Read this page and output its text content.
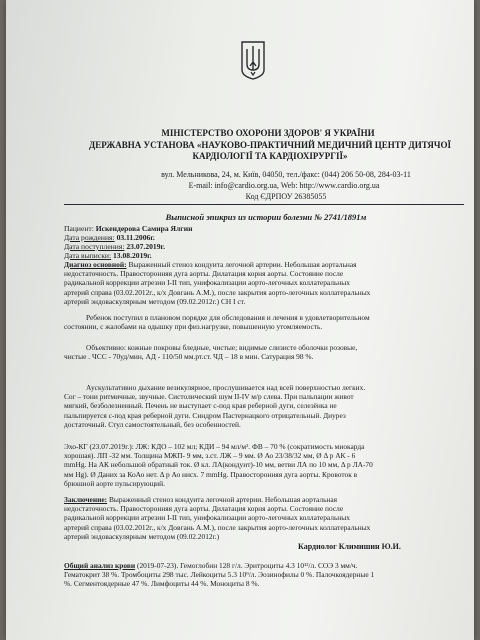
МІНІСТЕРСТВО ОХОРОНИ ЗДОРОВ' Я УКРАЇНИ
ДЕРЖАВНА УСТАНОВА «НАУКОВО-ПРАКТИЧНИЙ МЕДИЧНИЙ ЦЕНТР ДИТЯЧОЇ
КАРДІОЛОГІЇ ТА КАРДІОХІРУРГІЇ»
вул. Мельникова, 24, м. Київ, 04050, тел./факс: (044) 206 50-08, 284-03-11
E-mail: info@cardio.org.ua, Web: http://www.cardio.org.ua
Код ЄДРПОУ 26385055
Выписной эпикриз из истории болезни № 2741/1891м
Пациент: Искендерова Самира Ялгин
Дата рождения: 03.11.2006г.
Дата поступления: 23.07.2019г.
Дата выписки: 13.08.2019г.
Диагноз основной: Выраженный стеноз кондуита легочной артерии. Небольшая аортальная
недостаточность. Правосторонняя дуга аорты. Дилатация корня аорты. Состояние после
радикальной коррекции атрезии I-II тип, унифокализации аорто-легочных коллатеральных
артерий справа (03.02.2012г., к/х Довгань А.М.), после закрытия аорто-легочных коллатеральных
артерий эндоваскулярным методом (09.02.2012г.) СН I ст.
Ребенок поступил в плановом порядке для обследования и лечения в удовлетворительном
состоянии, с жалобами на одышку при физ.нагрузке, повышенную утомляемость.
Объективно: кожные покровы бледные, чистые; видимые слизисте оболочки розовые,
чистые . ЧСС - 70уд/мин, АД - 110/50 мм.рт.ст. ЧД – 18 в мин. Сатурация 98 %.
Аускультативно дыхание везикулярное, прослушивается над всей поверхностью легких.
Сог – тони ритмичные, звучные. Систолический шум II-IV м/р слева. При пальпации живот
мягкий, безболезненный. Печень не выступает с-под края реберной дуги, селезёнка не
пальпируется с-под края реберной дуги. Синдром Пастернацкого отрицательный. Диурез
достаточный. Стул самостоятельный, без особенностей.
Эхо-КГ (23.07.2019г.): ЛЖ: КДО – 102 мл; КДИ – 94 мл/м². ФВ – 70 % (сократимость миокарда
хорошая). ЛП -32 мм. Толщина МЖП- 9 мм, з.ст. ЛЖ – 9 мм. Ø Ао 23/38/32 мм, Ø Δ р АК - 6
mmHg. На АК небольшой обратный ток. Ø кл. ЛА(кондуит)-10 мм, ветви ЛА по 10 мм, Δ р ЛА-70
мм Hg). Ø Даних за КоАо нет. Δ р Ао нисх. 7 mmHg. Правосторонняя дуга аорты. Кровоток в
брюшной аорте пульсирующий.
Заключение: Выраженный стеноз кондуита легочной артерии. Небольшая аортальная
недостаточность. Правосторонняя дуга аорты. Дилатация корня аорты. Состояние после
радикальной коррекции атрезии I-II тип, унифокализации аорто-легочных коллатеральных
артерий справа (03.02.2012г., к/х Довгань А.М.), после закрытия аорто-легочных коллатеральных
артерий эндоваскулярным методом (09.02.2012г.)
Кардиолог Климишин Ю.И.
Общий анализ крови (2019-07-23). Гемоглобин 128 г/л. Эритроциты 4.3 10¹²/л. СОЭ 3 мм/ч.
Гематокрит 38 %. Тромбоциты 298 тыс. Лейкоциты 5.3 10⁹/л. Эозинофилы 0 %. Палочкоядерные 1
%. Сегментоядерные 47 %. Лимфоциты 44 %. Моноциты 8 %.
